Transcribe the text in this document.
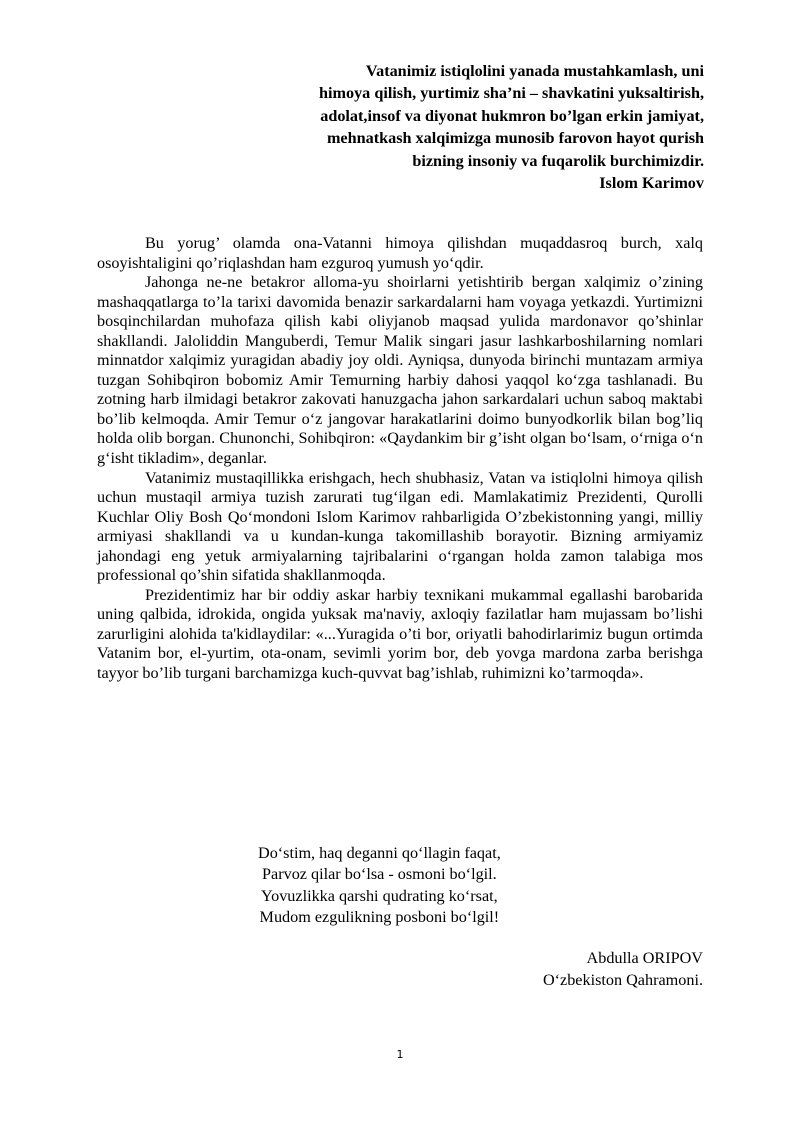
Vatanimiz istiqlolini yanada mustahkamlash, uni
himoya qilish, yurtimiz sha’ni – shavkatini yuksaltirish,
adolat,insof va diyonat hukmron bo’lgan erkin jamiyat,
mehnatkash xalqimizga munosib farovon hayot qurish
bizning insoniy va fuqarolik burchimizdir.
Islom Karimov

Bu yorug’ olamda ona-Vatanni himoya qilishdan muqaddasroq burch, xalq osoyishtaligini qo’riqlashdan ham ezguroq yumush yo‘qdir.

Jahonga ne-ne betakror alloma-yu shoirlarni yetishtirib bergan xalqimiz o’zining mashaqqatlarga to’la tarixi davomida benazir sarkardalarni ham voyaga yetkazdi. Yurtimizni bosqinchilardan muhofaza qilish kabi oliyjanob maqsad yulida mardonavor qo’shinlar shakllandi. Jaloliddin Manguberdi, Temur Malik singari jasur lashkarboshilarning nomlari minnatdor xalqimiz yuragidan abadiy joy oldi. Ayniqsa, dunyoda birinchi muntazam armiya tuzgan Sohibqiron bobomiz Amir Temurning harbiy dahosi yaqqol ko‘zga tashlanadi. Bu zotning harb ilmidagi betakror zakovati hanuzgacha jahon sarkardalari uchun saboq maktabi bo’lib kelmoqda. Amir Temur o‘z jangovar harakatlarini doimo bunyodkorlik bilan bog’liq holda olib borgan. Chunonchi, Sohibqiron: «Qaydankim bir g’isht olgan bo‘lsam, o‘rniga o‘n g‘isht tikladim», deganlar.

Vatanimiz mustaqillikka erishgach, hech shubhasiz, Vatan va istiqlolni himoya qilish uchun mustaqil armiya tuzish zarurati tug‘ilgan edi. Mamlakatimiz Prezidenti, Qurolli Kuchlar Oliy Bosh Qo‘mondoni Islom Karimov rahbarligida O’zbekistonning yangi, milliy armiyasi shakllandi va u kundan-kunga takomillashib borayotir. Bizning armiyamiz jahondagi eng yetuk armiyalarning tajribalarini o‘rgangan holda zamon talabiga mos professional qo’shin sifatida shakllanmoqda.

Prezidentimiz har bir oddiy askar harbiy texnikani mukammal egallashi barobarida uning qalbida, idrokida, ongida yuksak ma'naviy, axloqiy fazilatlar ham mujassam bo’lishi zarurligini alohida ta'kidlaydilar: «...Yuragida o’ti bor, oriyatli bahodirlarimiz bugun ortimda Vatanim bor, el-yurtim, ota-onam, sevimli yorim bor, deb yovga mardona zarba berishga tayyor bo’lib turgani barchamizga kuch-quvvat bag’ishlab, ruhimizni ko’tarmoqda».

Do‘stim, haq deganni qo‘llagin faqat,
Parvoz qilar bo‘lsa - osmoni bo‘lgil.
Yovuzlikka qarshi qudrating ko‘rsat,
Mudom ezgulikning posboni bo‘lgil!
Abdulla ORIPOV
O‘zbekiston Qahramoni.
1
